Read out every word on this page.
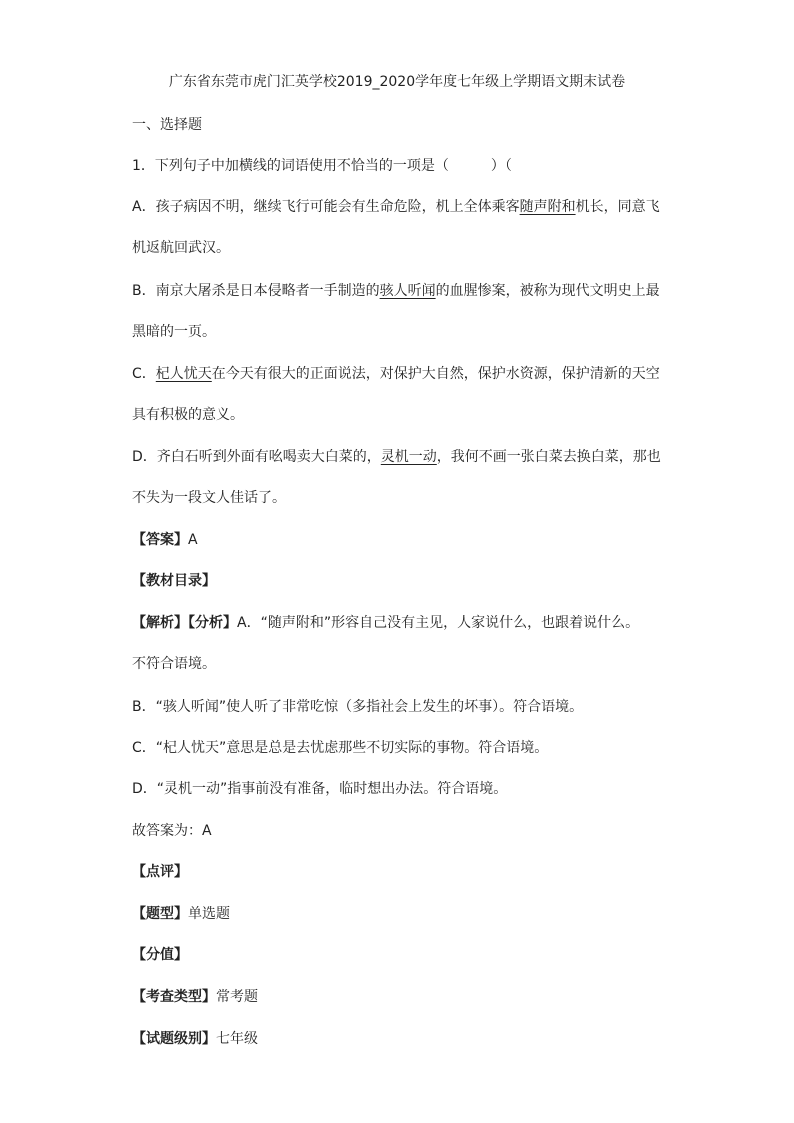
广东省东莞市虎门汇英学校2019_2020学年度七年级上学期语文期末试卷
一、选择题
1．下列句子中加横线的词语使用不恰当的一项是（　　　）（
A．孩子病因不明，继续飞行可能会有生命危险，机上全体乘客随声附和机长，同意飞
机返航回武汉。
B．南京大屠杀是日本侵略者一手制造的骇人听闻的血腥惨案，被称为现代文明史上最
黑暗的一页。
C．杞人忧天在今天有很大的正面说法，对保护大自然，保护水资源，保护清新的天空
具有积极的意义。
D．齐白石听到外面有吆喝卖大白菜的，灵机一动，我何不画一张白菜去换白菜，那也
不失为一段文人佳话了。
【答案】A
【教材目录】
【解析】【分析】A．“随声附和”形容自己没有主见，人家说什么，也跟着说什么。
不符合语境。
B．“骇人听闻”使人听了非常吃惊（多指社会上发生的坏事）。符合语境。
C．“杞人忧天”意思是总是去忧虑那些不切实际的事物。符合语境。
D．“灵机一动”指事前没有准备，临时想出办法。符合语境。
故答案为：A
【点评】
【题型】单选题
【分值】
【考查类型】常考题
【试题级别】七年级
